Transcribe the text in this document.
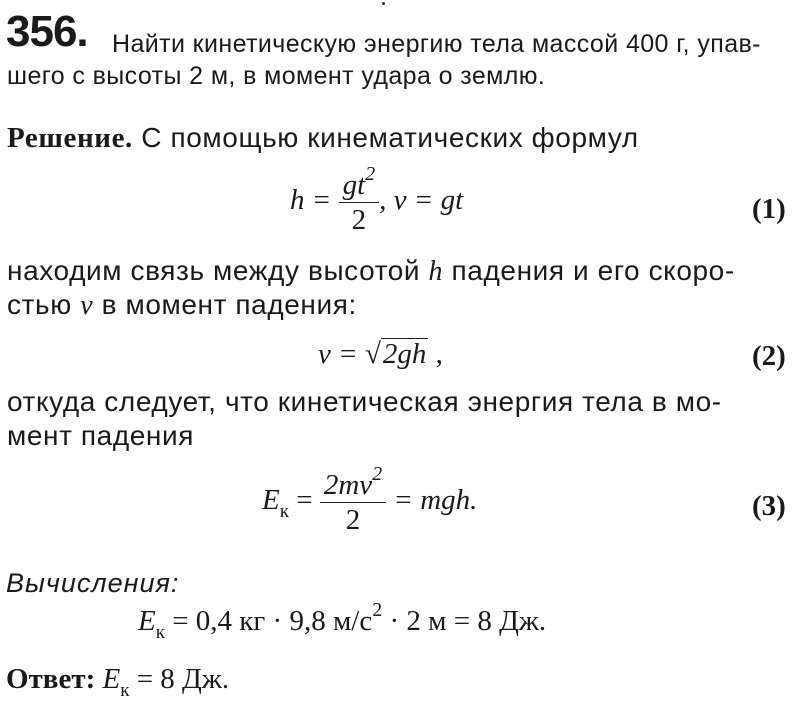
356. Найти кинетическую энергию тела массой 400 г, упав-
шего с высоты 2 м, в момент удара о землю.
Решение. С помощью кинематических формул
$h = \frac{gt^2}{2}$ , v = gt	(1)
находим связь между высотой h падения и его скоро-
стью v в момент падения:
v = √2gh ,	(2)
откуда следует, что кинетическая энергия тела в мо-
мент падения
$E_к = \frac{2mv^2}{2}$ = mgh.	(3)
Вычисления:
$E_к = 0,4$ кг · 9,8 $м/с^2 \cdot 2$ м = 8 Дж.
Ответ: $E_к = 8$ Дж.
